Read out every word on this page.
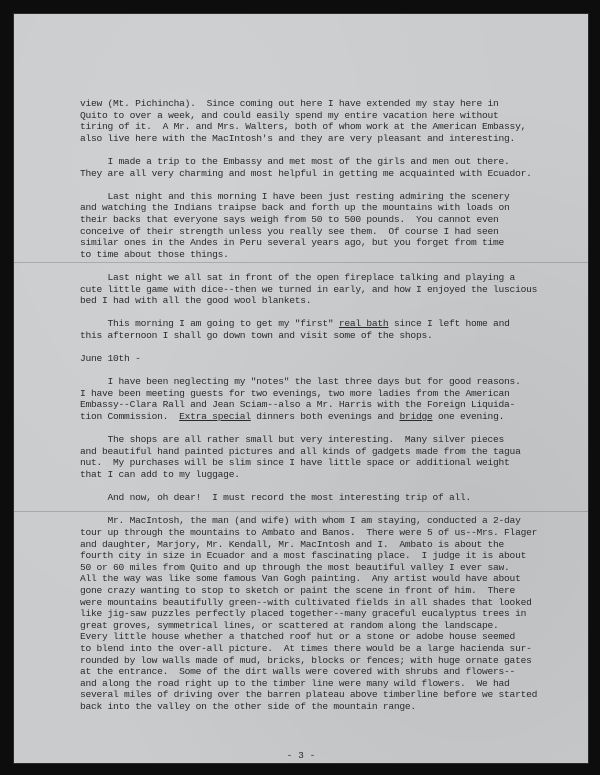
view (Mt. Pichincha).  Since coming out here I have extended my stay here in
Quito to over a week, and could easily spend my entire vacation here without
tiring of it.  A Mr. and Mrs. Walters, both of whom work at the American Embassy,
also live here with the MacIntosh's and they are very pleasant and interesting.
I made a trip to the Embassy and met most of the girls and men out there.
They are all very charming and most helpful in getting me acquainted with Ecuador.
Last night and this morning I have been just resting admiring the scenery
and watching the Indians traipse back and forth up the mountains with loads on
their backs that everyone says weigh from 50 to 500 pounds.  You cannot even
conceive of their strength unless you really see them.  Of course I had seen
similar ones in the Andes in Peru several years ago, but you forget from time
to time about those things.
Last night we all sat in front of the open fireplace talking and playing a
cute little game with dice--then we turned in early, and how I enjoyed the luscious
bed I had with all the good wool blankets.
This morning I am going to get my "first" real bath since I left home and
this afternoon I shall go down town and visit some of the shops.
June 10th -
I have been neglecting my "notes" the last three days but for good reasons.
I have been meeting guests for two evenings, two more ladies from the American
Embassy--Clara Rall and Jean Sciam--also a Mr. Harris with the Foreign Liquida-
tion Commission.  Extra special dinners both evenings and bridge one evening.
The shops are all rather small but very interesting.  Many silver pieces
and beautiful hand painted pictures and all kinds of gadgets made from the tagua
nut.  My purchases will be slim since I have little space or additional weight
that I can add to my luggage.
And now, oh dear!  I must record the most interesting trip of all.
Mr. MacIntosh, the man (and wife) with whom I am staying, conducted a 2-day
tour up through the mountains to Ambato and Banos.  There were 5 of us--Mrs. Flager
and daughter, Marjory, Mr. Kendall, Mr. MacIntosh and I.  Ambato is about the
fourth city in size in Ecuador and a most fascinating place.  I judge it is about
50 or 60 miles from Quito and up through the most beautiful valley I ever saw.
All the way was like some famous Van Gogh painting.  Any artist would have about
gone crazy wanting to stop to sketch or paint the scene in front of him.  There
were mountains beautifully green--with cultivated fields in all shades that looked
like jig-saw puzzles perfectly placed together--many graceful eucalyptus trees in
great groves, symmetrical lines, or scattered at random along the landscape.
Every little house whether a thatched roof hut or a stone or adobe house seemed
to blend into the over-all picture.  At times there would be a large hacienda sur-
rounded by low walls made of mud, bricks, blocks or fences; with huge ornate gates
at the entrance.  Some of the dirt walls were covered with shrubs and flowers--
and along the road right up to the timber line were many wild flowers.  We had
several miles of driving over the barren plateau above timberline before we started
back into the valley on the other side of the mountain range.
- 3 -
